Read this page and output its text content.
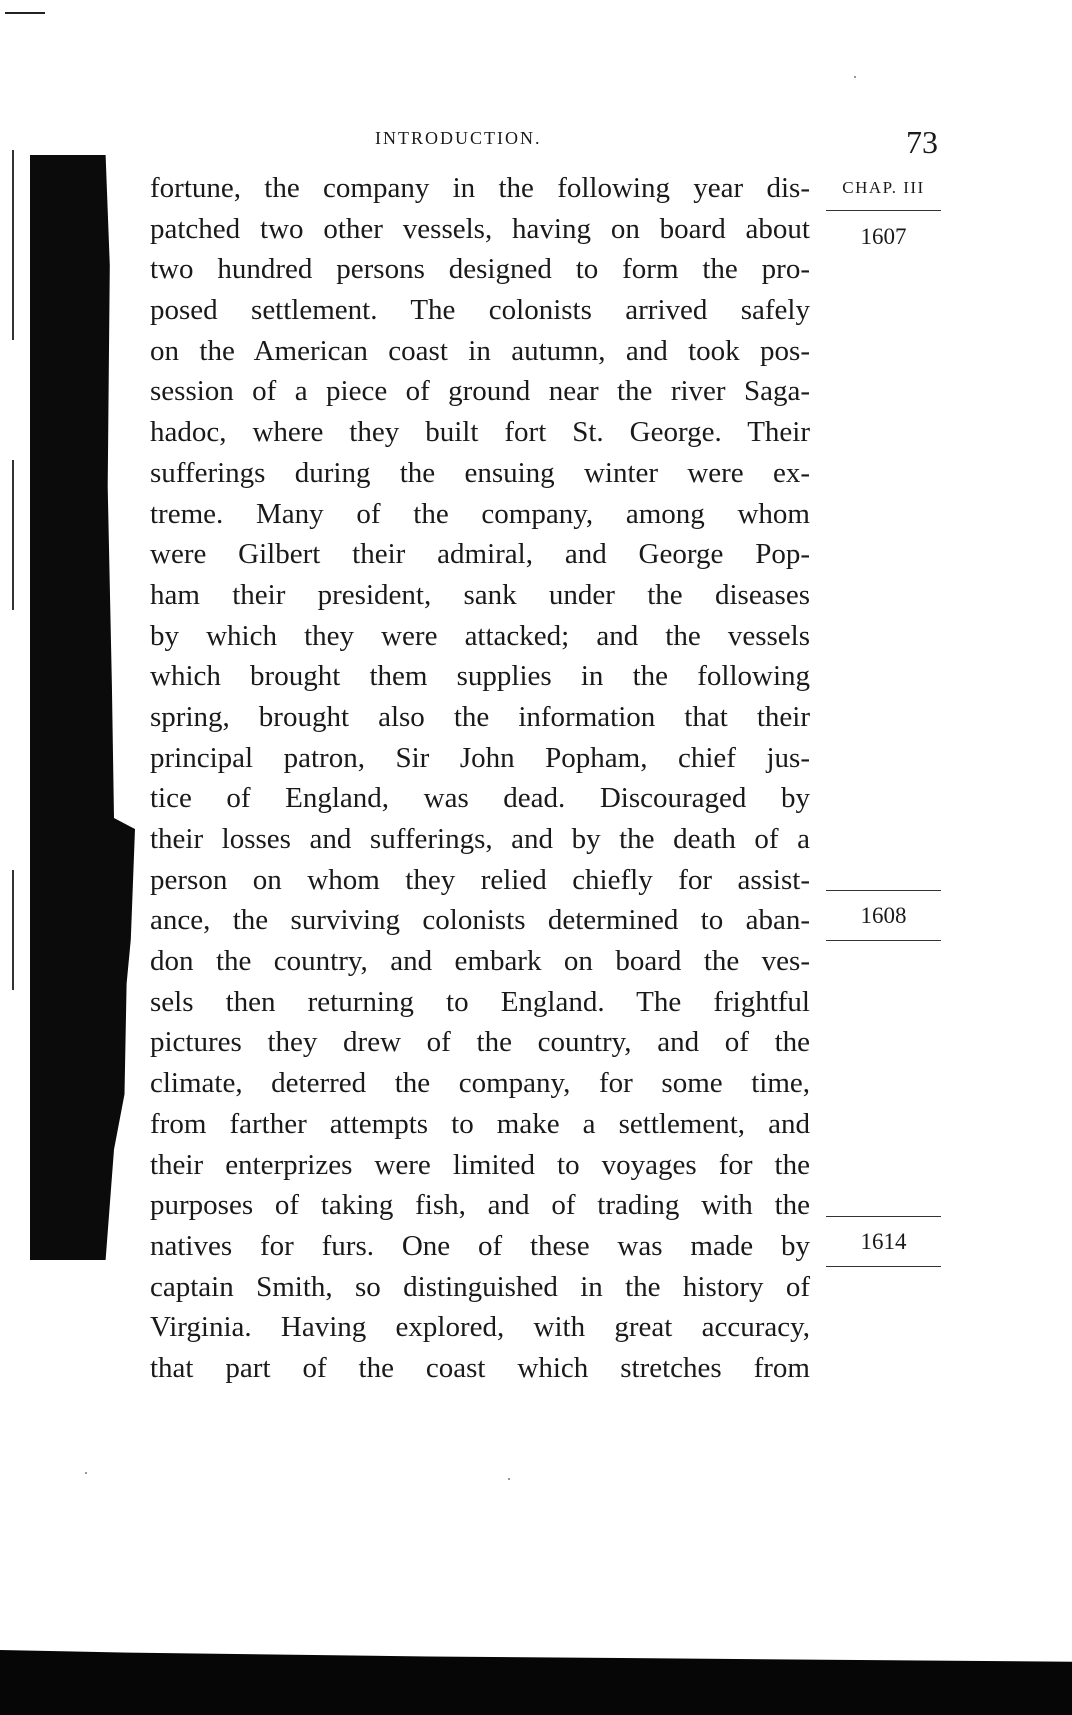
INTRODUCTION.	73
CHAP. III
1607
1608
1614
fortune, the company in the following year dis-
patched two other vessels, having on board about
two hundred persons designed to form the pro-
posed settlement. The colonists arrived safely
on the American coast in autumn, and took pos-
session of a piece of ground near the river Saga-
hadoc, where they built fort St. George. Their
sufferings during the ensuing winter were ex-
treme. Many of the company, among whom
were Gilbert their admiral, and George Pop-
ham their president, sank under the diseases
by which they were attacked; and the vessels
which brought them supplies in the following
spring, brought also the information that their
principal patron, Sir John Popham, chief jus-
tice of England, was dead. Discouraged by
their losses and sufferings, and by the death of a
person on whom they relied chiefly for assist-
ance, the surviving colonists determined to aban-
don the country, and embark on board the ves-
sels then returning to England. The frightful
pictures they drew of the country, and of the
climate, deterred the company, for some time,
from farther attempts to make a settlement, and
their enterprizes were limited to voyages for the
purposes of taking fish, and of trading with the
natives for furs. One of these was made by
captain Smith, so distinguished in the history of
Virginia. Having explored, with great accuracy,
that part of the coast which stretches from
